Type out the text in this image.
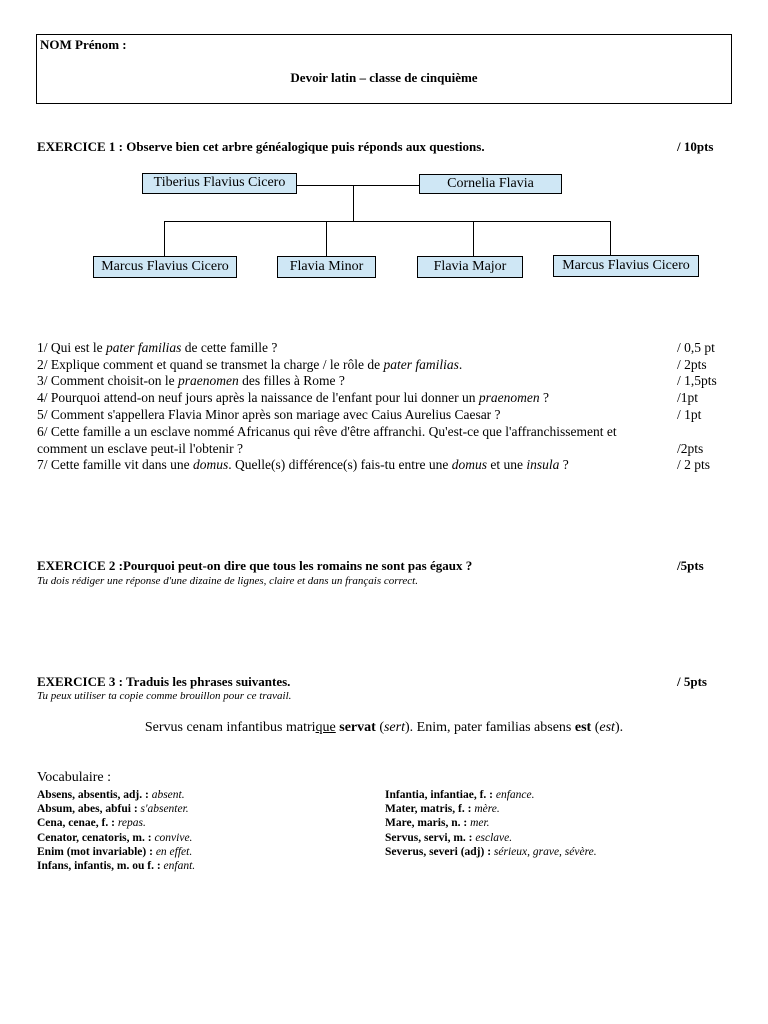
NOM Prénom :
Devoir latin – classe de cinquième
EXERCICE 1 : Observe bien cet arbre généalogique puis réponds aux questions.	/ 10pts
Tiberius Flavius Cicero	Cornelia Flavia
Marcus Flavius Cicero	Flavia Minor	Flavia Major	Marcus Flavius Cicero
1/ Qui est le pater familias de cette famille ?	/ 0,5 pt
2/ Explique comment et quand se transmet la charge / le rôle de pater familias.	/ 2pts
3/ Comment choisit-on le praenomen des filles à Rome ?	/ 1,5pts
4/ Pourquoi attend-on neuf jours après la naissance de l'enfant pour lui donner un praenomen ?	/1pt
5/ Comment s'appellera Flavia Minor après son mariage avec Caius Aurelius Caesar ?	/ 1pt
6/ Cette famille a un esclave nommé Africanus qui rêve d'être affranchi. Qu'est-ce que l'affranchissement et
comment un esclave peut-il l'obtenir ?	/2pts
7/ Cette famille vit dans une domus. Quelle(s) différence(s) fais-tu entre une domus et une insula ?	/ 2 pts
EXERCICE 2 :Pourquoi peut-on dire que tous les romains ne sont pas égaux ?	/5pts
Tu dois rédiger une réponse d'une dizaine de lignes, claire et dans un français correct.
EXERCICE 3 : Traduis les phrases suivantes.	/ 5pts
Tu peux utiliser ta copie comme brouillon pour ce travail.
Servus cenam infantibus matrique servat (sert). Enim, pater familias absens est (est).
Vocabulaire :
Absens, absentis, adj. : absent.
Absum, abes, abfui : s'absenter.
Cena, cenae, f. : repas.
Cenator, cenatoris, m. : convive.
Enim (mot invariable) : en effet.
Infans, infantis, m. ou f. : enfant.
Infantia, infantiae, f. : enfance.
Mater, matris, f. : mère.
Mare, maris, n. : mer.
Servus, servi, m. : esclave.
Severus, severi (adj) : sérieux, grave, sévère.
